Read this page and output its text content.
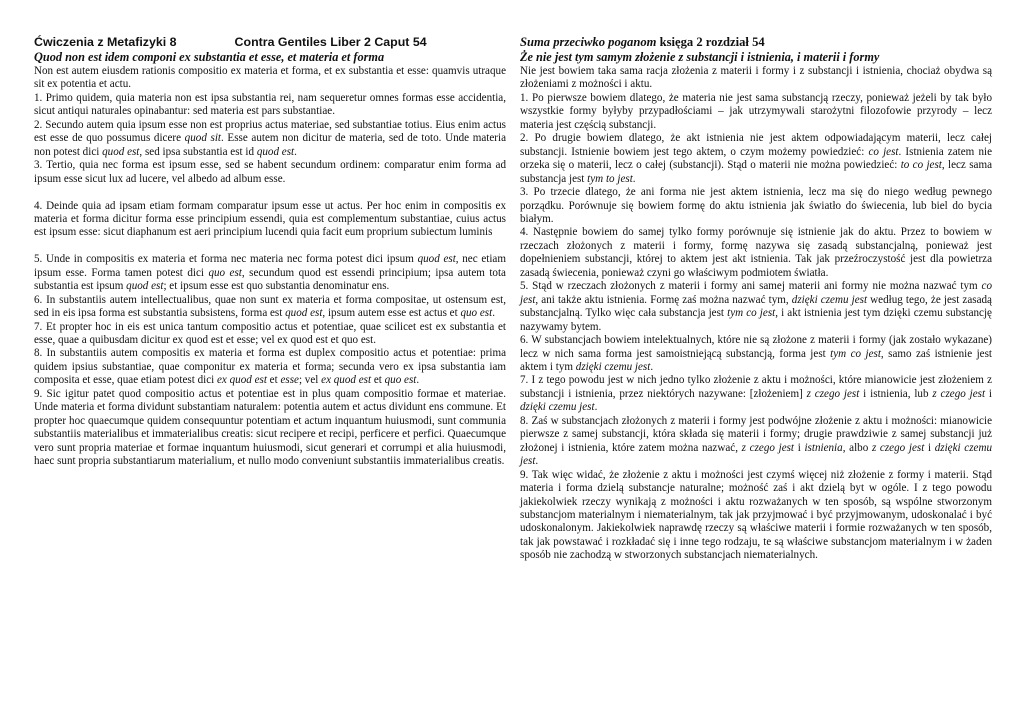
Ćwiczenia z Metafizyki 8	Contra Gentiles Liber 2 Caput 54
Quod non est idem componi ex substantia et esse, et materia et forma

Non est autem eiusdem rationis compositio ex materia et forma, et ex substantia et esse: quamvis utraque sit ex potentia et actu.

1. Primo quidem, quia materia non est ipsa substantia rei, nam sequeretur omnes formas esse accidentia, sicut antiqui naturales opinabantur: sed materia est pars substantiae.

2. Secundo autem quia ipsum esse non est proprius actus materiae, sed substantiae totius. Eius enim actus est esse de quo possumus dicere quod sit. Esse autem non dicitur de materia, sed de toto. Unde materia non potest dici quod est, sed ipsa substantia est id quod est.

3. Tertio, quia nec forma est ipsum esse, sed se habent secundum ordinem: comparatur enim forma ad ipsum esse sicut lux ad lucere, vel albedo ad album esse.

4. Deinde quia ad ipsam etiam formam comparatur ipsum esse ut actus. Per hoc enim in compositis ex materia et forma dicitur forma esse principium essendi, quia est complementum substantiae, cuius actus est ipsum esse: sicut diaphanum est aeri principium lucendi quia facit eum proprium subiectum luminis

5. Unde in compositis ex materia et forma nec materia nec forma potest dici ipsum quod est, nec etiam ipsum esse. Forma tamen potest dici quo est, secundum quod est essendi principium; ipsa autem tota substantia est ipsum quod est; et ipsum esse est quo substantia denominatur ens.

6. In substantiis autem intellectualibus, quae non sunt ex materia et forma compositae, ut ostensum est, sed in eis ipsa forma est substantia subsistens, forma est quod est, ipsum autem esse est actus et quo est.

7. Et propter hoc in eis est unica tantum compositio actus et potentiae, quae scilicet est ex substantia et esse, quae a quibusdam dicitur ex quod est et esse; vel ex quod est et quo est.

8. In substantiis autem compositis ex materia et forma est duplex compositio actus et potentiae: prima quidem ipsius substantiae, quae componitur ex materia et forma; secunda vero ex ipsa substantia iam composita et esse, quae etiam potest dici ex quod est et esse; vel ex quod est et quo est.

9. Sic igitur patet quod compositio actus et potentiae est in plus quam compositio formae et materiae. Unde materia et forma dividunt substantiam naturalem: potentia autem et actus dividunt ens commune. Et propter hoc quaecumque quidem consequuntur potentiam et actum inquantum huiusmodi, sunt communia substantiis materialibus et immaterialibus creatis: sicut recipere et recipi, perficere et perfici. Quaecumque vero sunt propria materiae et formae inquantum huiusmodi, sicut generari et corrumpi et alia huiusmodi, haec sunt propria substantiarum materialium, et nullo modo conveniunt substantiis immaterialibus creatis.

Suma przeciwko poganom księga 2 rozdział 54
Że nie jest tym samym złożenie z substancji i istnienia, i materii i formy

Nie jest bowiem taka sama racja złożenia z materii i formy i z substancji i istnienia, chociaż obydwa są złożeniami z możności i aktu.

1. Po pierwsze bowiem dlatego, że materia nie jest sama substancją rzeczy, ponieważ jeżeli by tak było wszystkie formy byłyby przypadłościami – jak utrzymywali starożytni filozofowie przyrody – lecz materia jest częścią substancji.

2. Po drugie bowiem dlatego, że akt istnienia nie jest aktem odpowiadającym materii, lecz całej substancji. Istnienie bowiem jest tego aktem, o czym możemy powiedzieć: co jest. Istnienia zatem nie orzeka się o materii, lecz o całej (substancji). Stąd o materii nie można powiedzieć: to co jest, lecz sama substancja jest tym to jest.

3. Po trzecie dlatego, że ani forma nie jest aktem istnienia, lecz ma się do niego według pewnego porządku. Porównuje się bowiem formę do aktu istnienia jak światło do świecenia, lub biel do bycia białym.

4. Następnie bowiem do samej tylko formy porównuje się istnienie jak do aktu. Przez to bowiem w rzeczach złożonych z materii i formy, formę nazywa się zasadą substancjalną, ponieważ jest dopełnieniem substancji, której to aktem jest akt istnienia. Tak jak przeźroczystość jest dla powietrza zasadą świecenia, ponieważ czyni go właściwym podmiotem światła.

5. Stąd w rzeczach złożonych z materii i formy ani samej materii ani formy nie można nazwać tym co jest, ani także aktu istnienia. Formę zaś można nazwać tym, dzięki czemu jest według tego, że jest zasadą substancjalną. Tylko więc cała substancja jest tym co jest, i akt istnienia jest tym dzięki czemu substancję nazywamy bytem.

6. W substancjach bowiem intelektualnych, które nie są złożone z materii i formy (jak zostało wykazane) lecz w nich sama forma jest samoistniejącą substancją, forma jest tym co jest, samo zaś istnienie jest aktem i tym dzięki czemu jest.

7. I z tego powodu jest w nich jedno tylko złożenie z aktu i możności, które mianowicie jest złożeniem z substancji i istnienia, przez niektórych nazywane: [złożeniem] z czego jest i istnienia, lub z czego jest i dzięki czemu jest.

8. Zaś w substancjach złożonych z materii i formy jest podwójne złożenie z aktu i możności: mianowicie pierwsze z samej substancji, która składa się materii i formy; drugie prawdziwie z samej substancji już złożonej i istnienia, które zatem można nazwać, z czego jest i istnienia, albo z czego jest i dzięki czemu jest.

9. Tak więc widać, że złożenie z aktu i możności jest czymś więcej niż złożenie z formy i materii. Stąd materia i forma dzielą substancje naturalne; możność zaś i akt dzielą byt w ogóle. I z tego powodu jakiekolwiek rzeczy wynikają z możności i aktu rozważanych w ten sposób, są wspólne stworzonym substancjom materialnym i niematerialnym, tak jak przyjmować i być przyjmowanym, udoskonalać i być udoskonalonym. Jakiekolwiek naprawdę rzeczy są właściwe materii i formie rozważanych w ten sposób, tak jak powstawać i rozkładać się i inne tego rodzaju, te są właściwe substancjom materialnym i w żaden sposób nie zachodzą w stworzonych substancjach niematerialnych.
